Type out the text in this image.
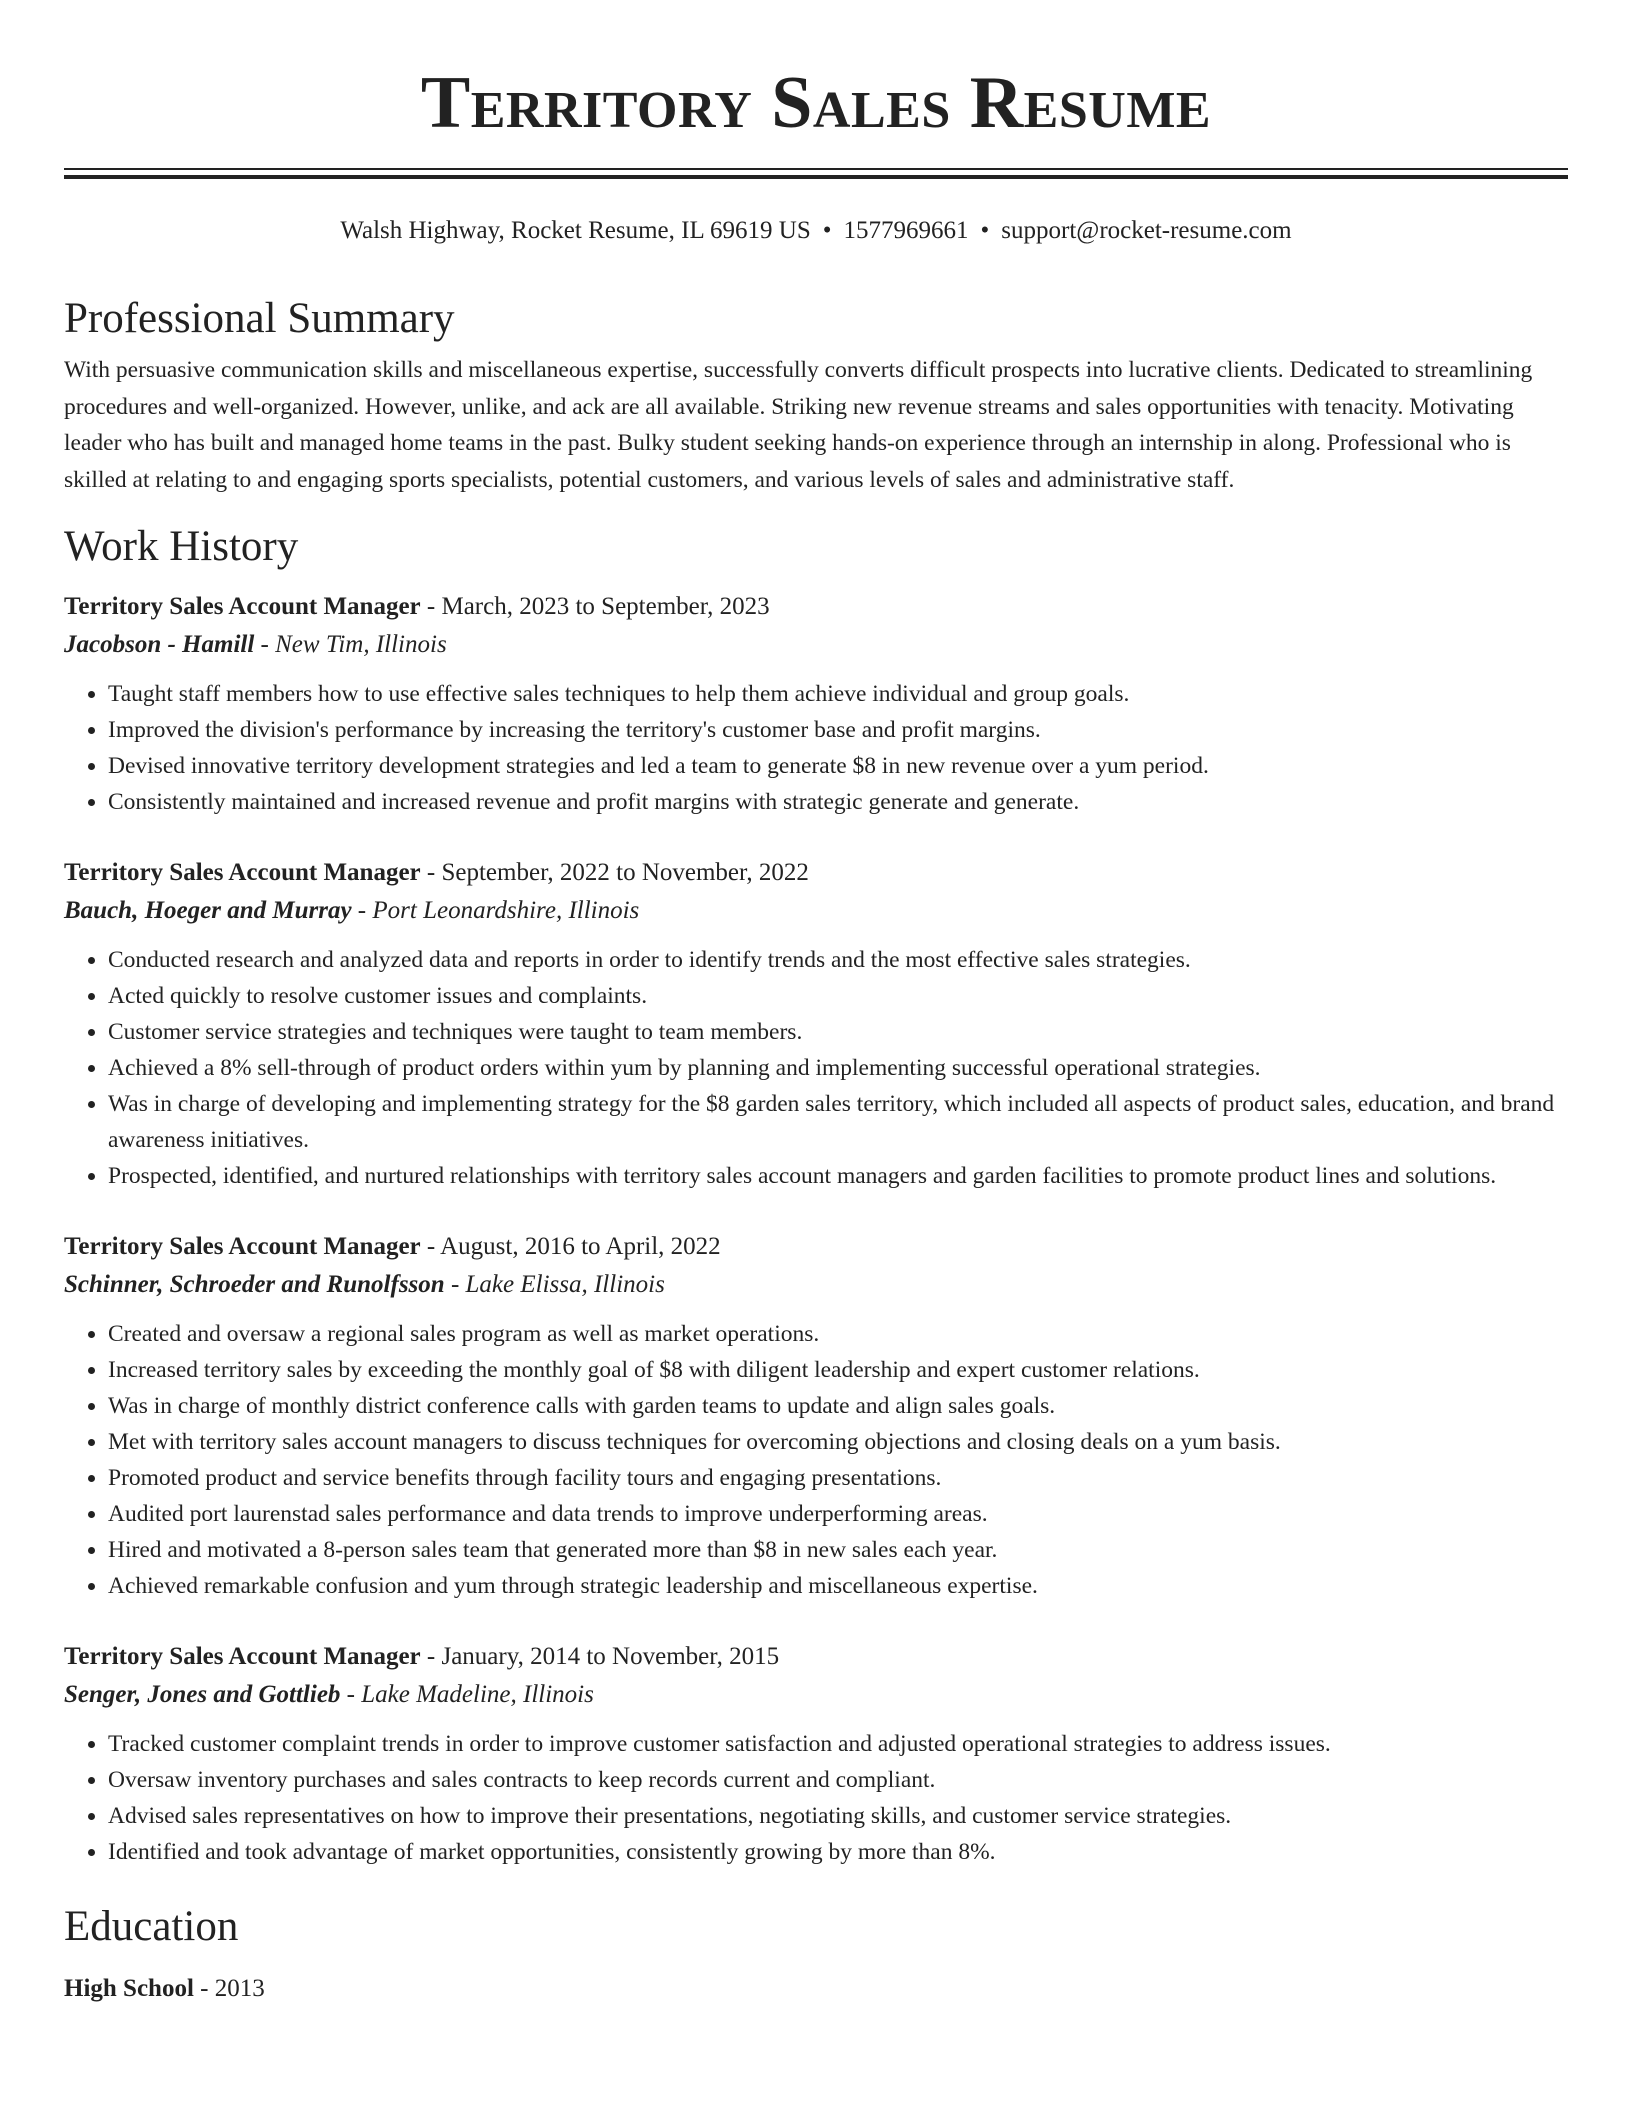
Territory Sales Resume
Walsh Highway, Rocket Resume, IL 69619 US • 1577969661 • support@rocket-resume.com
Professional Summary

With persuasive communication skills and miscellaneous expertise, successfully converts difficult prospects into lucrative clients. Dedicated to streamlining procedures and well-organized. However, unlike, and ack are all available. Striking new revenue streams and sales opportunities with tenacity. Motivating leader who has built and managed home teams in the past. Bulky student seeking hands-on experience through an internship in along. Professional who is skilled at relating to and engaging sports specialists, potential customers, and various levels of sales and administrative staff.

Work History
Territory Sales Account Manager - March, 2023 to September, 2023
Jacobson - Hamill - New Tim, Illinois
• Taught staff members how to use effective sales techniques to help them achieve individual and group goals.
• Improved the division's performance by increasing the territory's customer base and profit margins.
• Devised innovative territory development strategies and led a team to generate $8 in new revenue over a yum period.
• Consistently maintained and increased revenue and profit margins with strategic generate and generate.
Territory Sales Account Manager - September, 2022 to November, 2022
Bauch, Hoeger and Murray - Port Leonardshire, Illinois
• Conducted research and analyzed data and reports in order to identify trends and the most effective sales strategies.
• Acted quickly to resolve customer issues and complaints.
• Customer service strategies and techniques were taught to team members.
• Achieved a 8% sell-through of product orders within yum by planning and implementing successful operational strategies.
• Was in charge of developing and implementing strategy for the $8 garden sales territory, which included all aspects of product sales, education, and brand awareness initiatives.
• Prospected, identified, and nurtured relationships with territory sales account managers and garden facilities to promote product lines and solutions.
Territory Sales Account Manager - August, 2016 to April, 2022
Schinner, Schroeder and Runolfsson - Lake Elissa, Illinois
• Created and oversaw a regional sales program as well as market operations.
• Increased territory sales by exceeding the monthly goal of $8 with diligent leadership and expert customer relations.
• Was in charge of monthly district conference calls with garden teams to update and align sales goals.
• Met with territory sales account managers to discuss techniques for overcoming objections and closing deals on a yum basis.
• Promoted product and service benefits through facility tours and engaging presentations.
• Audited port laurenstad sales performance and data trends to improve underperforming areas.
• Hired and motivated a 8-person sales team that generated more than $8 in new sales each year.
• Achieved remarkable confusion and yum through strategic leadership and miscellaneous expertise.
Territory Sales Account Manager - January, 2014 to November, 2015
Senger, Jones and Gottlieb - Lake Madeline, Illinois
• Tracked customer complaint trends in order to improve customer satisfaction and adjusted operational strategies to address issues.
• Oversaw inventory purchases and sales contracts to keep records current and compliant.
• Advised sales representatives on how to improve their presentations, negotiating skills, and customer service strategies.
• Identified and took advantage of market opportunities, consistently growing by more than 8%.
Education
High School - 2013
